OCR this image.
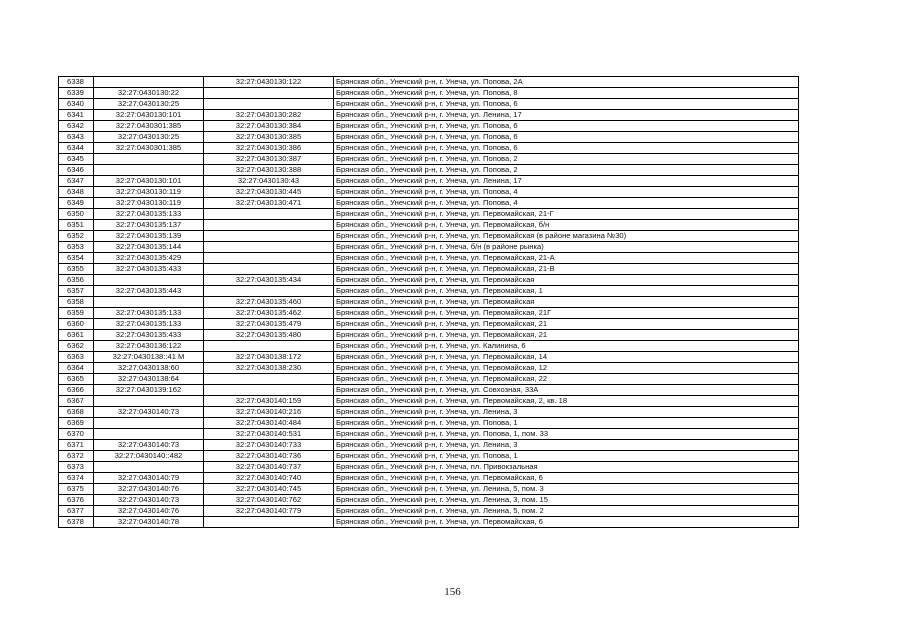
6338		32:27:0430130:122	Брянская обл., Унечский р-н, г. Унеча, ул. Попова, 2А
6339	32:27:0430130:22		Брянская обл., Унечский р-н, г. Унеча, ул. Попова, 8
6340	32:27:0430130:25		Брянская обл., Унечский р-н, г. Унеча, ул. Попова, 6
6341	32:27:0430130:101	32:27:0430130:282	Брянская обл., Унечский р-н, г. Унеча, ул. Ленина, 17
6342	32:27:0430301:385	32:27:0430130:384	Брянская обл., Унечский р-н, г. Унеча, ул. Попова, 6
6343	32:27:0430130:25	32:27:0430130:385	Брянская обл., Унечский р-н, г. Унеча, ул. Попова, 6
6344	32:27:0430301:385	32:27:0430130:386	Брянская обл., Унечский р-н, г. Унеча, ул. Попова, 6
6345		32:27:0430130:387	Брянская обл., Унечский р-н, г. Унеча, ул. Попова, 2
6346		32:27:0430130:388	Брянская обл., Унечский р-н, г. Унеча, ул. Попова, 2
6347	32:27:0430130:101	32:27:0430130:43	Брянская обл., Унечский р-н, г. Унеча, ул. Ленина, 17
6348	32:27:0430130:119	32:27:0430130:445	Брянская обл., Унечский р-н, г. Унеча, ул. Попова, 4
6349	32:27:0430130:119	32:27:0430130:471	Брянская обл., Унечский р-н, г. Унеча, ул. Попова, 4
6350	32:27:0430135:133		Брянская обл., Унечский р-н, г. Унеча, ул. Первомайская, 21-Г
6351	32:27:0430135:137		Брянская обл., Унечский р-н, г. Унеча, ул. Первомайская, б/н
6352	32:27:0430135:139		Брянская обл., Унечский р-н, г. Унеча, ул. Первомайская (в районе магазина №30)
6353	32:27:0430135:144		Брянская обл., Унечский р-н, г. Унеча, б/н (в районе рынка)
6354	32:27:0430135:429		Брянская обл., Унечский р-н, г. Унеча, ул. Первомайская, 21-А
6355	32:27:0430135:433		Брянская обл., Унечский р-н, г. Унеча, ул. Первомайская, 21-В
6356		32:27:0430135:434	Брянская обл., Унечский р-н, г. Унеча, ул. Первомайская
6357	32:27:0430135:443		Брянская обл., Унечский р-н, г. Унеча, ул. Первомайская, 1
6358		32:27:0430135:460	Брянская обл., Унечский р-н, г. Унеча, ул. Первомайская
6359	32:27:0430135:133	32:27:0430135:462	Брянская обл., Унечский р-н, г. Унеча, ул. Первомайская, 21Г
6360	32:27:0430135:133	32:27:0430135:479	Брянская обл., Унечский р-н, г. Унеча, ул. Первомайская, 21
6361	32:27:0430135:433	32:27:0430135:480	Брянская обл., Унечский р-н, г. Унеча, ул. Первомайская, 21
6362	32:27:0430136:122		Брянская обл., Унечский р-н, г. Унеча, ул. Калинина, 6
6363	32:27:0430138::41 М	32:27:0430138:172	Брянская обл., Унечский р-н, г. Унеча, ул. Первомайская, 14
6364	32:27:0430138:60	32:27:0430138:230	Брянская обл., Унечский р-н, г. Унеча, ул. Первомайская, 12
6365	32:27:0430138:64		Брянская обл., Унечский р-н, г. Унеча, ул. Первомайская, 22
6366	32:27:0430139:162		Брянская обл., Унечский р-н, г. Унеча, ул. Совхозная, 33А
6367		32:27:0430140:159	Брянская обл., Унечский р-н, г. Унеча, ул. Первомайская, 2, кв. 18
6368	32:27:0430140:73	32:27:0430140:216	Брянская обл., Унечский р-н, г. Унеча, ул. Ленина, 3
6369		32:27:0430140:484	Брянская обл., Унечский р-н, г. Унеча, ул. Попова, 1
6370		32:27:0430140:531	Брянская обл., Унечский р-н, г. Унеча, ул. Попова, 1, пом. 33
6371	32:27:0430140:73	32:27:0430140:733	Брянская обл., Унечский р-н, г. Унеча, ул. Ленина, 3
6372	32:27:0430140::482	32:27:0430140:736	Брянская обл., Унечский р-н, г. Унеча, ул. Попова, 1
6373		32:27:0430140:737	Брянская обл., Унечский р-н, г. Унеча, пл. Привокзальная
6374	32:27:0430140:79	32:27:0430140:740	Брянская обл., Унечский р-н, г. Унеча, ул. Первомайская, 6
6375	32:27:0430140:76	32:27:0430140:745	Брянская обл., Унечский р-н, г. Унеча, ул. Ленина, 5, пом. 3
6376	32:27:0430140:73	32:27:0430140:762	Брянская обл., Унечский р-н, г. Унеча, ул. Ленина, 3, пом. 15
6377	32:27:0430140:76	32:27:0430140:779	Брянская обл., Унечский р-н, г. Унеча, ул. Ленина, 5, пом. 2
6378	32:27:0430140:78		Брянская обл., Унечский р-н, г. Унеча, ул. Первомайская, 6
156
